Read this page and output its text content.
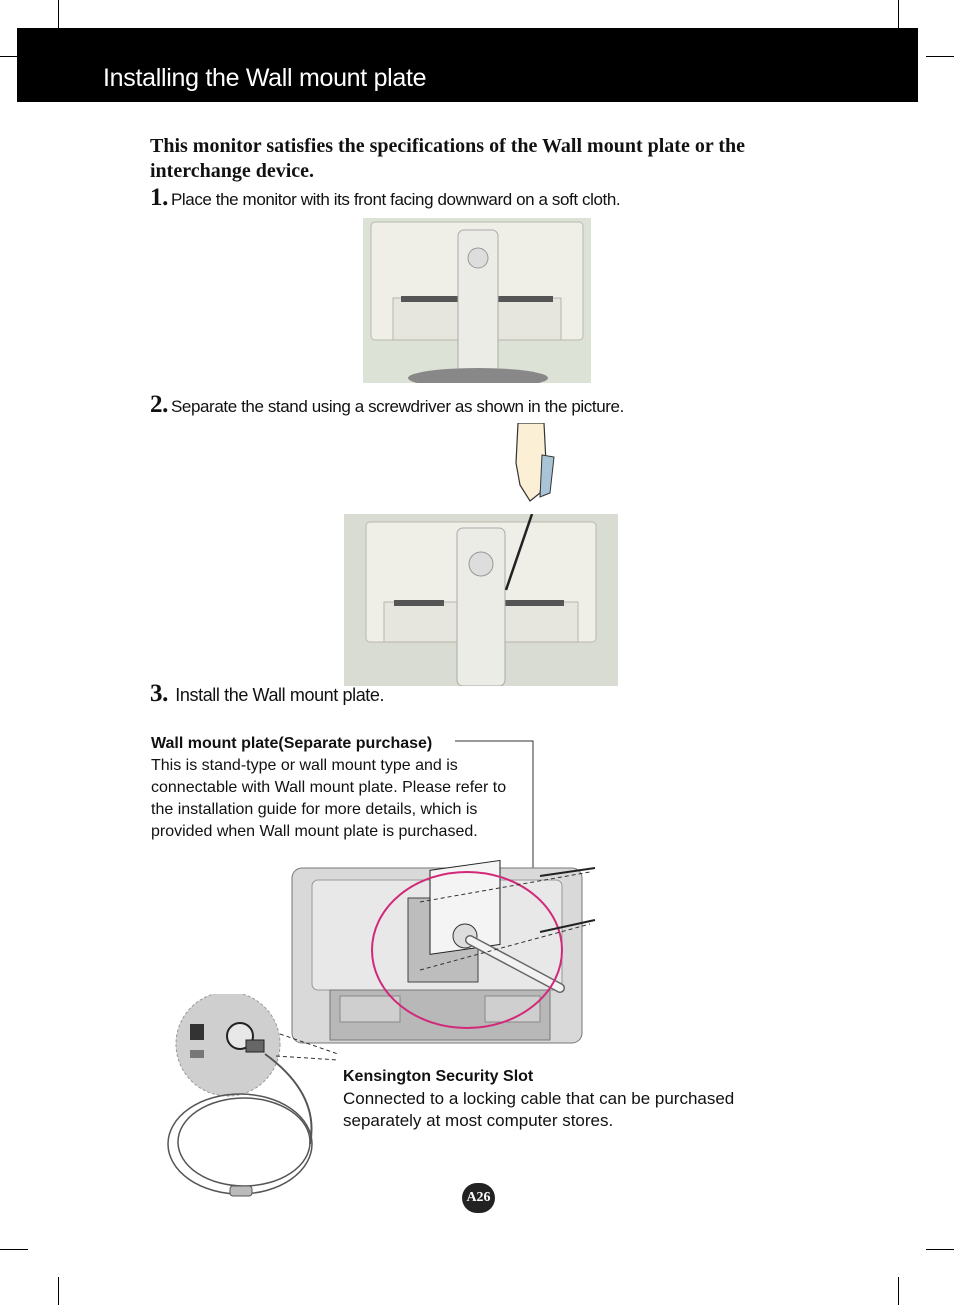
Installing the Wall mount plate
This monitor satisfies the specifications of the Wall mount plate or the interchange device.
1. Place the monitor with its front facing downward on a soft cloth.
2. Separate the stand using a screwdriver as shown in the picture.
3. Install the Wall mount plate.
Wall mount plate(Separate purchase)
This is stand-type or wall mount type and is connectable with Wall mount plate. Please refer to the installation guide for more details, which is provided when Wall mount plate is purchased.
Kensington Security Slot
Connected to a locking cable that can be purchased separately at most computer stores.
A26
